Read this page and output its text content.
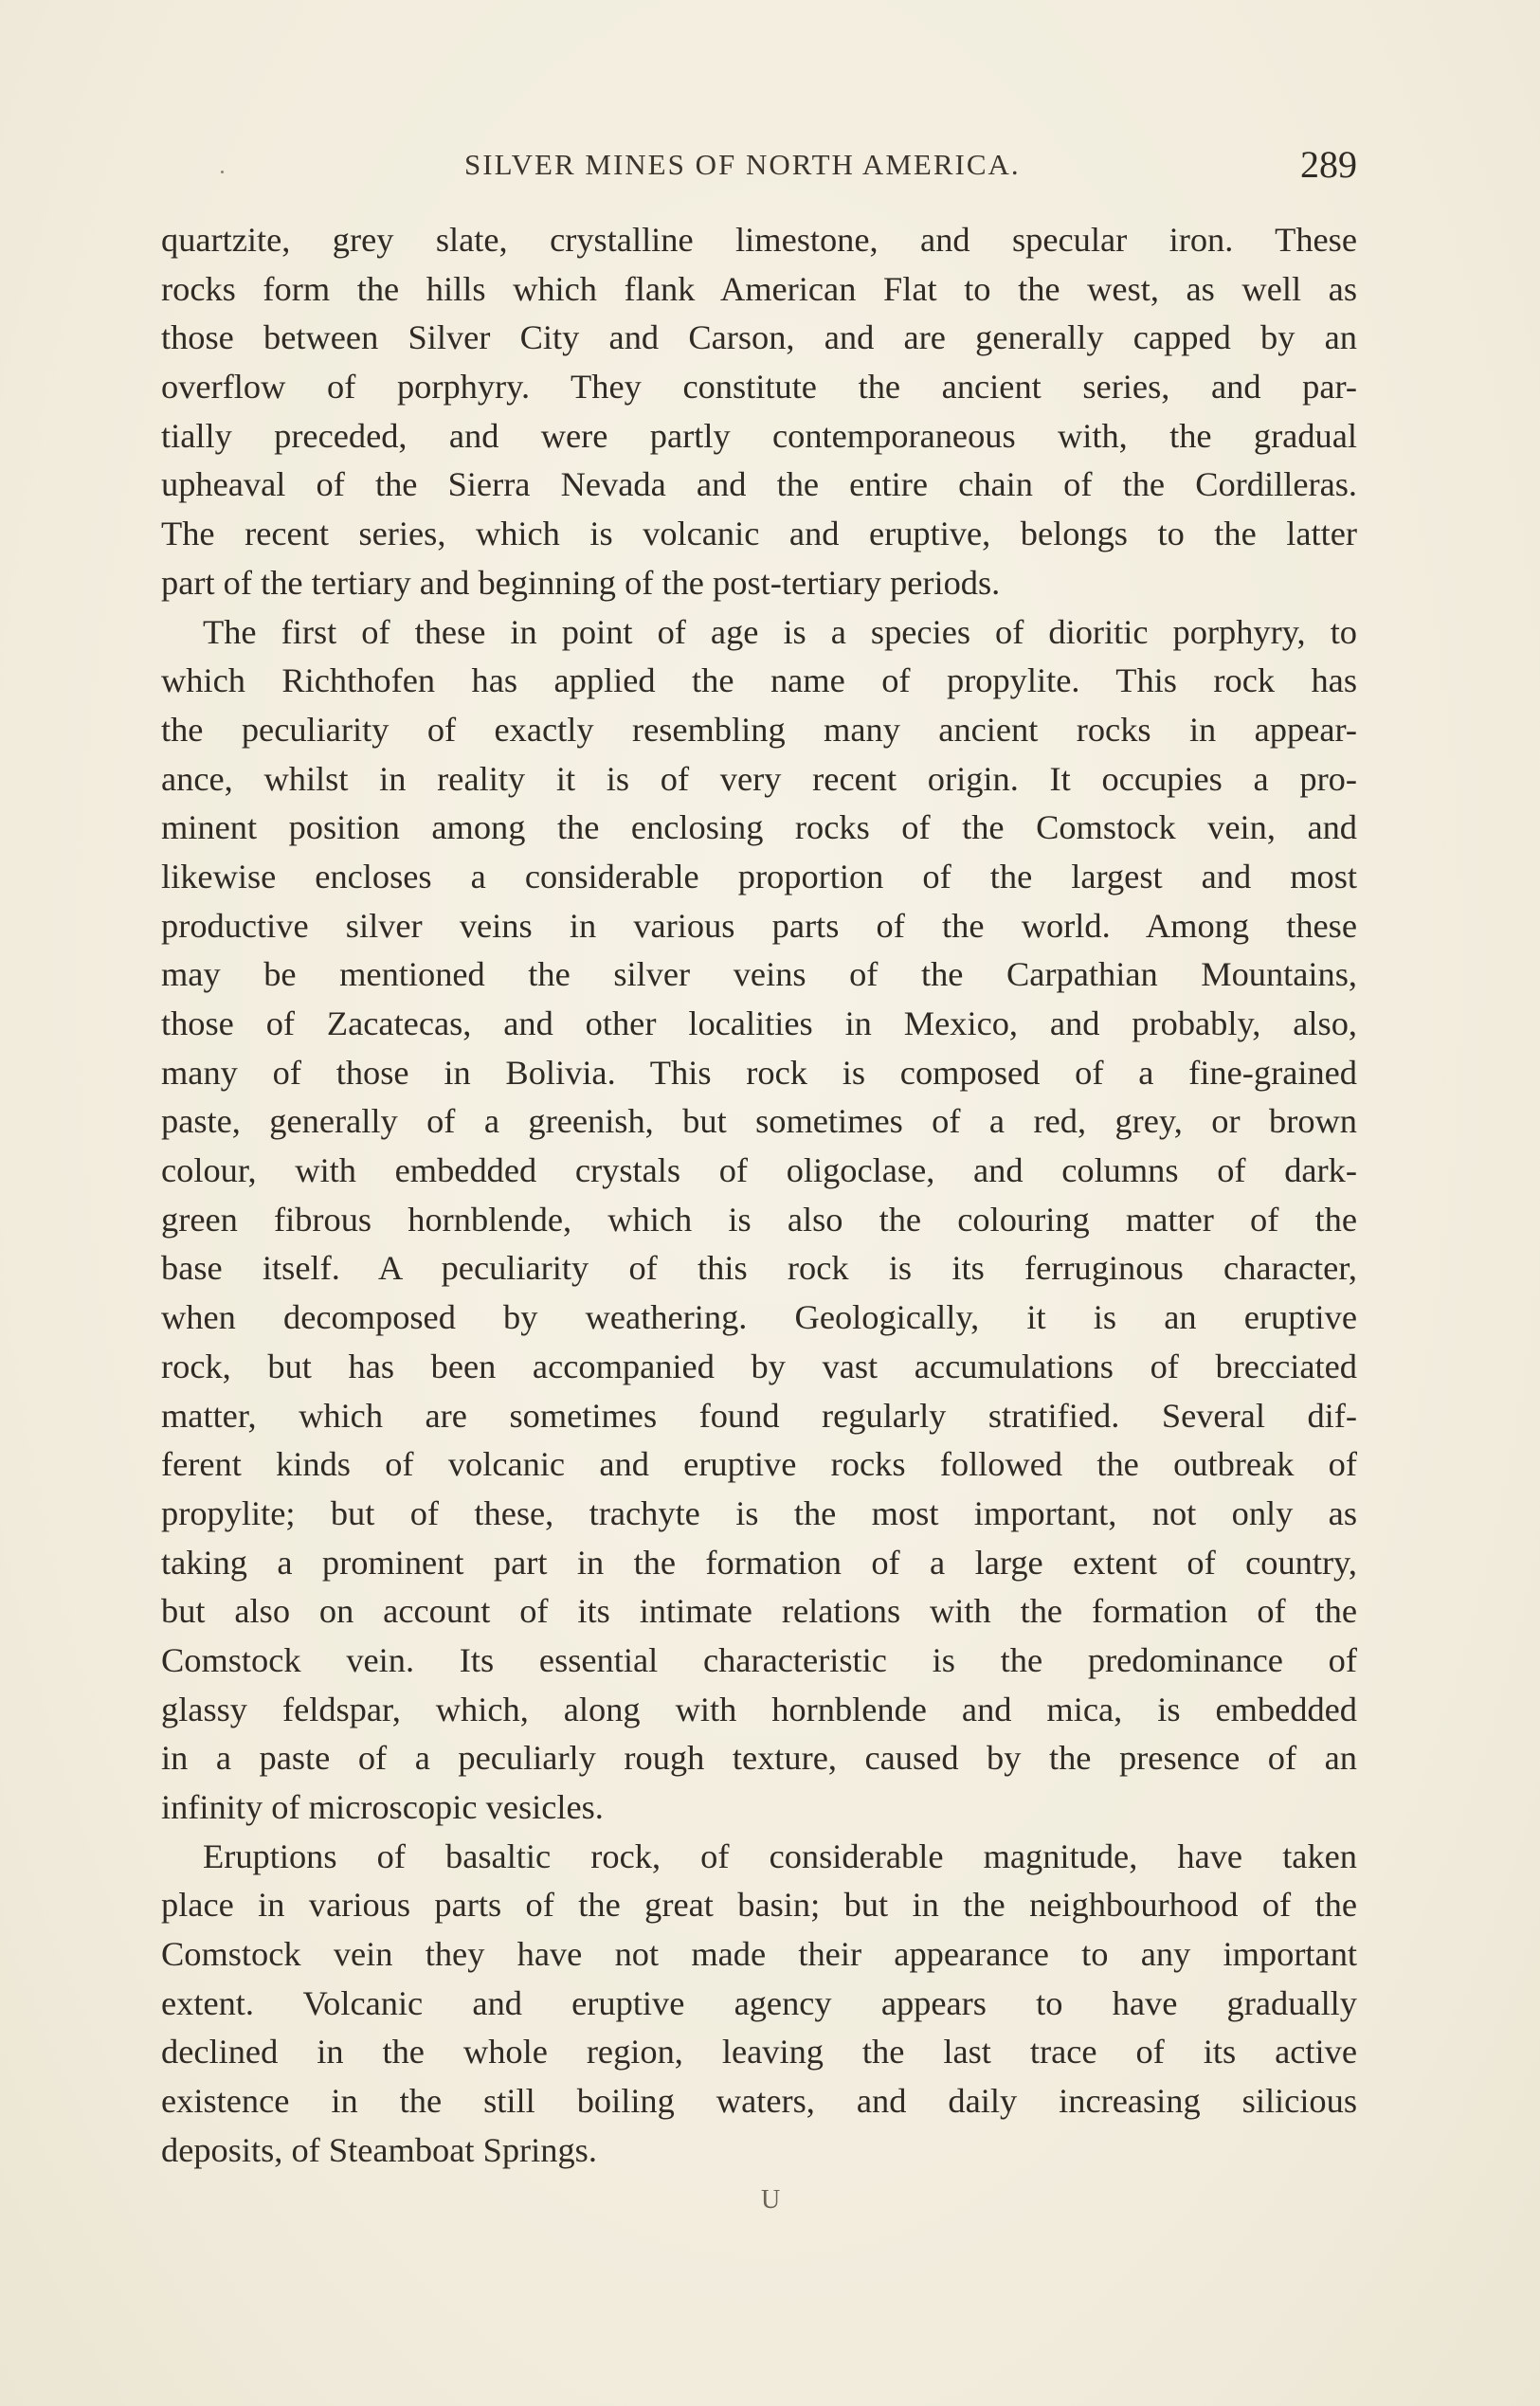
SILVER MINES OF NORTH AMERICA.	289
quartzite, grey slate, crystalline limestone, and specular iron. These
rocks form the hills which flank American Flat to the west, as well as
those between Silver City and Carson, and are generally capped by an
overflow of porphyry. They constitute the ancient series, and par-
tially preceded, and were partly contemporaneous with, the gradual
upheaval of the Sierra Nevada and the entire chain of the Cordilleras.
The recent series, which is volcanic and eruptive, belongs to the latter
part of the tertiary and beginning of the post-tertiary periods.
The first of these in point of age is a species of dioritic porphyry, to
which Richthofen has applied the name of propylite. This rock has
the peculiarity of exactly resembling many ancient rocks in appear-
ance, whilst in reality it is of very recent origin. It occupies a pro-
minent position among the enclosing rocks of the Comstock vein, and
likewise encloses a considerable proportion of the largest and most
productive silver veins in various parts of the world. Among these
may be mentioned the silver veins of the Carpathian Mountains,
those of Zacatecas, and other localities in Mexico, and probably, also,
many of those in Bolivia. This rock is composed of a fine-grained
paste, generally of a greenish, but sometimes of a red, grey, or brown
colour, with embedded crystals of oligoclase, and columns of dark-
green fibrous hornblende, which is also the colouring matter of the
base itself. A peculiarity of this rock is its ferruginous character,
when decomposed by weathering. Geologically, it is an eruptive
rock, but has been accompanied by vast accumulations of brecciated
matter, which are sometimes found regularly stratified. Several dif-
ferent kinds of volcanic and eruptive rocks followed the outbreak of
propylite; but of these, trachyte is the most important, not only as
taking a prominent part in the formation of a large extent of country,
but also on account of its intimate relations with the formation of the
Comstock vein. Its essential characteristic is the predominance of
glassy feldspar, which, along with hornblende and mica, is embedded
in a paste of a peculiarly rough texture, caused by the presence of an
infinity of microscopic vesicles.
Eruptions of basaltic rock, of considerable magnitude, have taken
place in various parts of the great basin; but in the neighbourhood of the
Comstock vein they have not made their appearance to any important
extent. Volcanic and eruptive agency appears to have gradually
declined in the whole region, leaving the last trace of its active
existence in the still boiling waters, and daily increasing silicious
deposits, of Steamboat Springs.
U
